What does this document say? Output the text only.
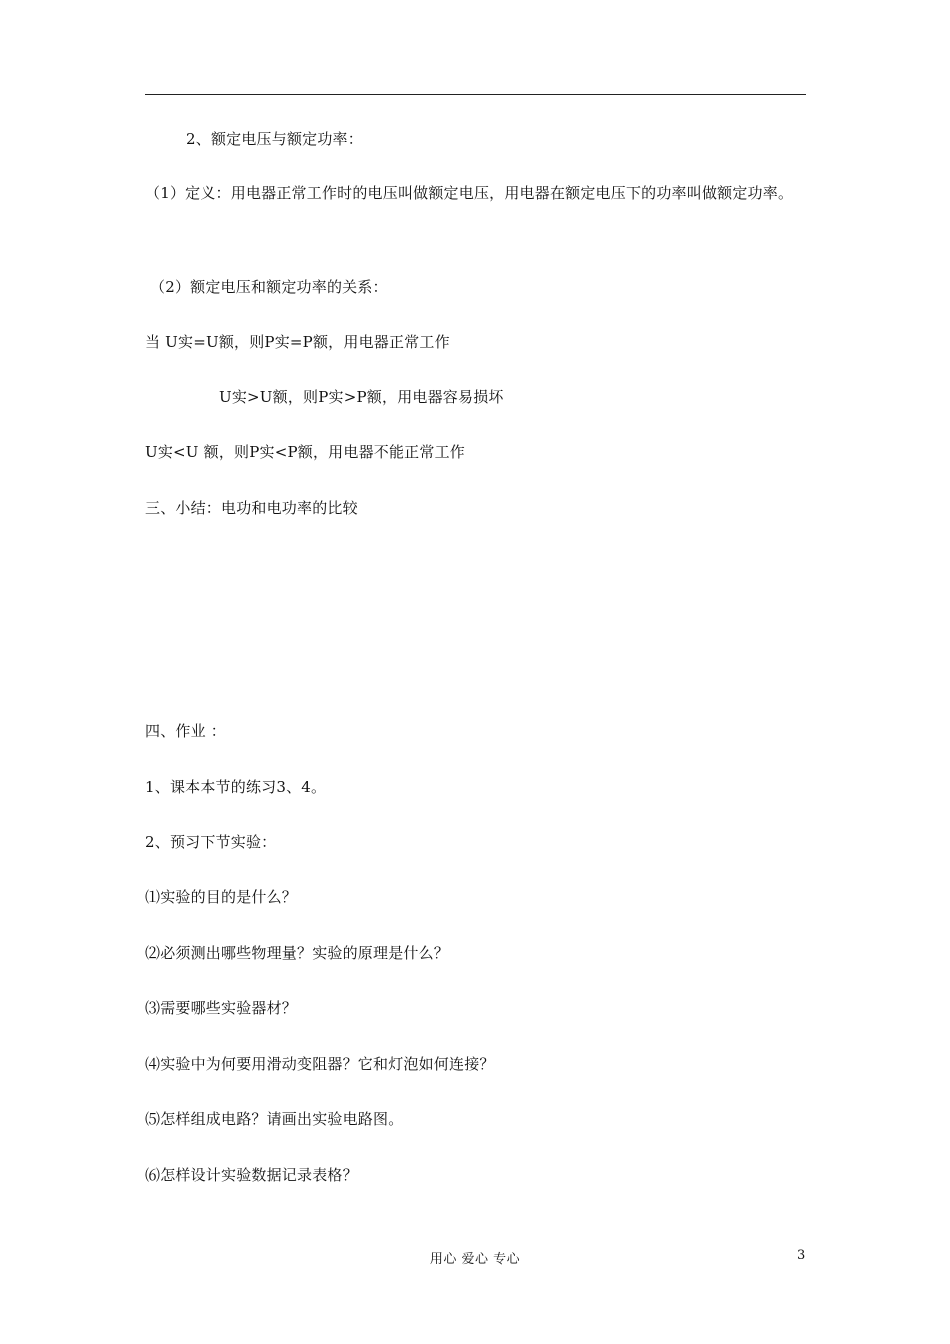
2、额定电压与额定功率：
（1）定义：用电器正常工作时的电压叫做额定电压，用电器在额定电压下的功率叫做额定功率。
（2）额定电压和额定功率的关系：
当 U实=U额，则P实=P额，用电器正常工作
U实>U额，则P实>P额，用电器容易损坏
U实<U 额，则P实<P额，用电器不能正常工作
三、小结：电功和电功率的比较
四、作业 ：
1、课本本节的练习3、4。
2、预习下节实验：
⑴实验的目的是什么？
⑵必须测出哪些物理量？实验的原理是什么？
⑶需要哪些实验器材？
⑷实验中为何要用滑动变阻器？它和灯泡如何连接？
⑸怎样组成电路？请画出实验电路图。
⑹怎样设计实验数据记录表格？
用心 爱心 专心	3
